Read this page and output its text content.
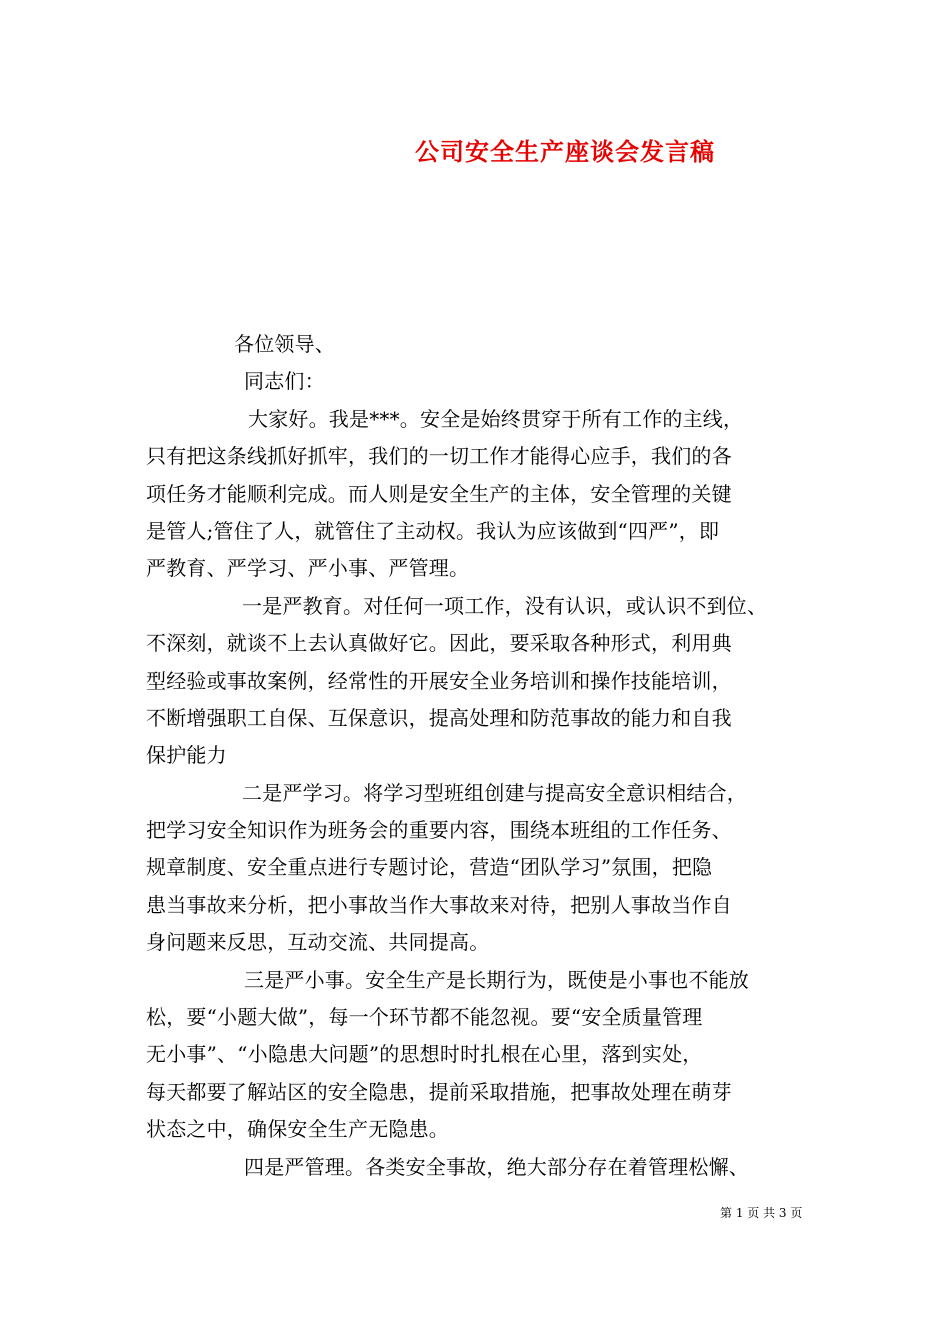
公司安全生产座谈会发言稿
各位领导、
同志们：
大家好。我是***。安全是始终贯穿于所有工作的主线，
只有把这条线抓好抓牢，我们的一切工作才能得心应手，我们的各
项任务才能顺利完成。而人则是安全生产的主体，安全管理的关键
是管人;管住了人，就管住了主动权。我认为应该做到“四严”，即
严教育、严学习、严小事、严管理。
一是严教育。对任何一项工作，没有认识，或认识不到位、
不深刻，就谈不上去认真做好它。因此，要采取各种形式，利用典
型经验或事故案例，经常性的开展安全业务培训和操作技能培训，
不断增强职工自保、互保意识，提高处理和防范事故的能力和自我
保护能力
二是严学习。将学习型班组创建与提高安全意识相结合，
把学习安全知识作为班务会的重要内容，围绕本班组的工作任务、
规章制度、安全重点进行专题讨论，营造“团队学习”氛围，把隐
患当事故来分析，把小事故当作大事故来对待，把别人事故当作自
身问题来反思，互动交流、共同提高。
三是严小事。安全生产是长期行为，既使是小事也不能放
松，要“小题大做”，每一个环节都不能忽视。要“安全质量管理
无小事”、“小隐患大问题”的思想时时扎根在心里，落到实处，
每天都要了解站区的安全隐患，提前采取措施，把事故处理在萌芽
状态之中，确保安全生产无隐患。
四是严管理。各类安全事故，绝大部分存在着管理松懈、
第 1 页 共 3 页
